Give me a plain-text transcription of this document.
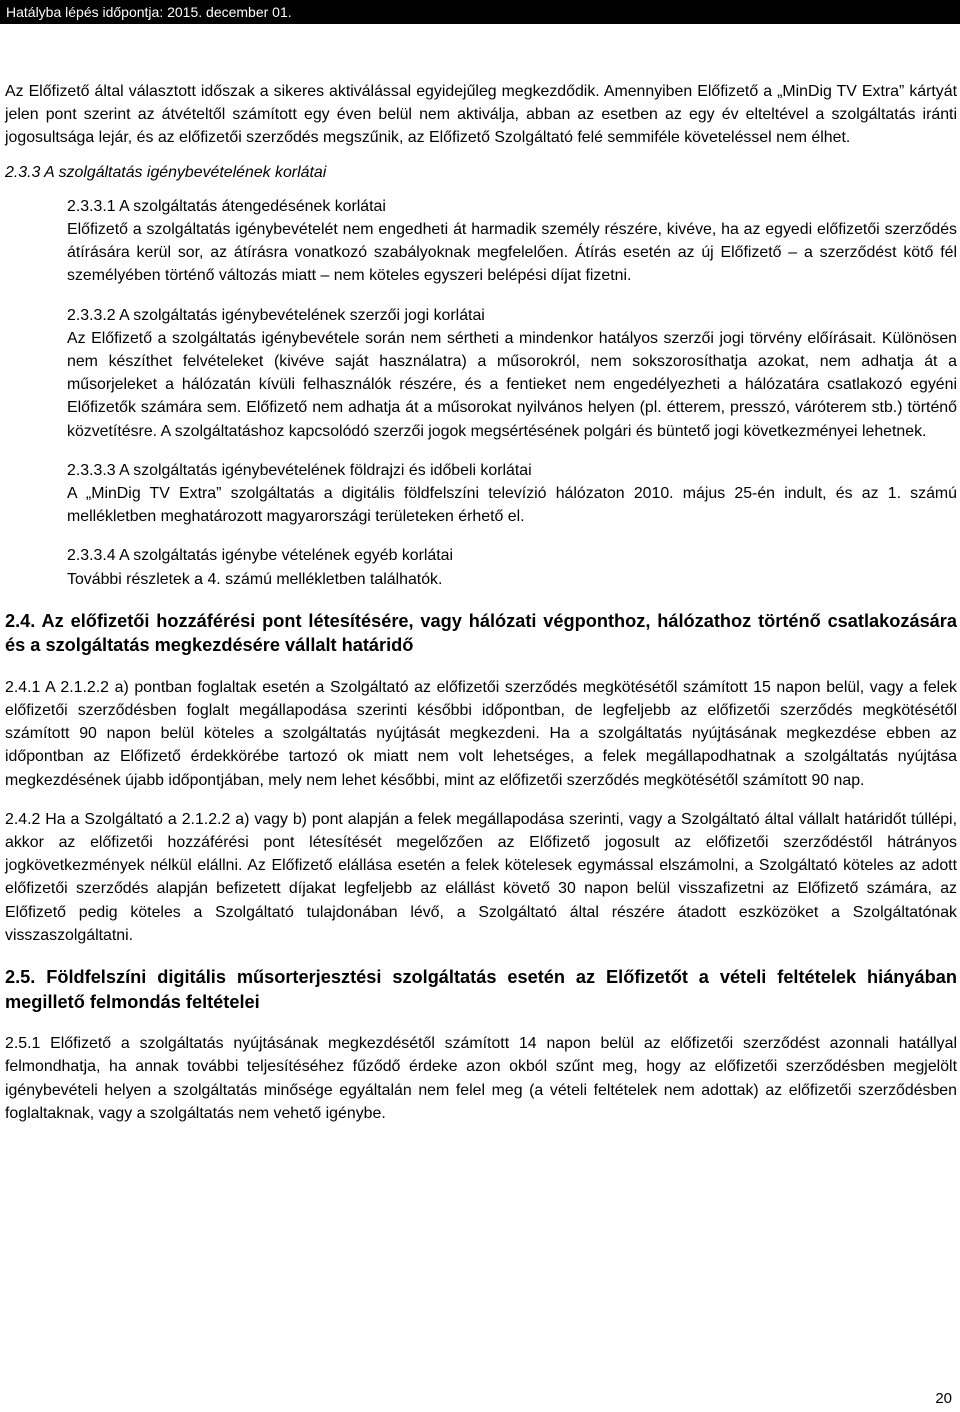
Hatályba lépés időpontja: 2015. december 01.

Az Előfizető által választott időszak a sikeres aktiválással egyidejűleg megkezdődik. Amennyiben Előfizető a „MinDig TV Extra” kártyát jelen pont szerint az átvételtől számított egy éven belül nem aktiválja, abban az esetben az egy év elteltével a szolgáltatás iránti jogosultsága lejár, és az előfizetői szerződés megszűnik, az Előfizető Szolgáltató felé semmiféle követeléssel nem élhet.

2.3.3 A szolgáltatás igénybevételének korlátai

2.3.3.1 A szolgáltatás átengedésének korlátai

Előfizető a szolgáltatás igénybevételét nem engedheti át harmadik személy részére, kivéve, ha az egyedi előfizetői szerződés átírására kerül sor, az átírásra vonatkozó szabályoknak megfelelően. Átírás esetén az új Előfizető – a szerződést kötő fél személyében történő változás miatt – nem köteles egyszeri belépési díjat fizetni.

2.3.3.2 A szolgáltatás igénybevételének szerzői jogi korlátai

Az Előfizető a szolgáltatás igénybevétele során nem sértheti a mindenkor hatályos szerzői jogi törvény előírásait. Különösen nem készíthet felvételeket (kivéve saját használatra) a műsorokról, nem sokszorosíthatja azokat, nem adhatja át a műsorjeleket a hálózatán kívüli felhasználók részére, és a fentieket nem engedélyezheti a hálózatára csatlakozó egyéni Előfizetők számára sem. Előfizető nem adhatja át a műsorokat nyilvános helyen (pl. étterem, presszó, váróterem stb.) történő közvetítésre. A szolgáltatáshoz kapcsolódó szerzői jogok megsértésének polgári és büntető jogi következményei lehetnek.

2.3.3.3 A szolgáltatás igénybevételének földrajzi és időbeli korlátai

A „MinDig TV Extra” szolgáltatás a digitális földfelszíni televízió hálózaton 2010. május 25-én indult, és az 1. számú mellékletben meghatározott magyarországi területeken érhető el.

2.3.3.4 A szolgáltatás igénybe vételének egyéb korlátai

További részletek a 4. számú mellékletben találhatók.

2.4. Az előfizetői hozzáférési pont létesítésére, vagy hálózati végponthoz, hálózathoz történő csatlakozására és a szolgáltatás megkezdésére vállalt határidő

2.4.1 A 2.1.2.2 a) pontban foglaltak esetén a Szolgáltató az előfizetői szerződés megkötésétől számított 15 napon belül, vagy a felek előfizetői szerződésben foglalt megállapodása szerinti későbbi időpontban, de legfeljebb az előfizetői szerződés megkötésétől számított 90 napon belül köteles a szolgáltatás nyújtását megkezdeni. Ha a szolgáltatás nyújtásának megkezdése ebben az időpontban az Előfizető érdekkörébe tartozó ok miatt nem volt lehetséges, a felek megállapodhatnak a szolgáltatás nyújtása megkezdésének újabb időpontjában, mely nem lehet későbbi, mint az előfizetői szerződés megkötésétől számított 90 nap.

2.4.2 Ha a Szolgáltató a 2.1.2.2 a) vagy b) pont alapján a felek megállapodása szerinti, vagy a Szolgáltató által vállalt határidőt túllépi, akkor az előfizetői hozzáférési pont létesítését megelőzően az Előfizető jogosult az előfizetői szerződéstől hátrányos jogkövetkezmények nélkül elállni. Az Előfizető elállása esetén a felek kötelesek egymással elszámolni, a Szolgáltató köteles az adott előfizetői szerződés alapján befizetett díjakat legfeljebb az elállást követő 30 napon belül visszafizetni az Előfizető számára, az Előfizető pedig köteles a Szolgáltató tulajdonában lévő, a Szolgáltató által részére átadott eszközöket a Szolgáltatónak visszaszolgáltatni.

2.5. Földfelszíni digitális műsorterjesztési szolgáltatás esetén az Előfizetőt a vételi feltételek hiányában megillető felmondás feltételei

2.5.1 Előfizető a szolgáltatás nyújtásának megkezdésétől számított 14 napon belül az előfizetői szerződést azonnali hatállyal felmondhatja, ha annak további teljesítéséhez fűződő érdeke azon okból szűnt meg, hogy az előfizetői szerződésben megjelölt igénybevételi helyen a szolgáltatás minősége egyáltalán nem felel meg (a vételi feltételek nem adottak) az előfizetői szerződésben foglaltaknak, vagy a szolgáltatás nem vehető igénybe.

20
